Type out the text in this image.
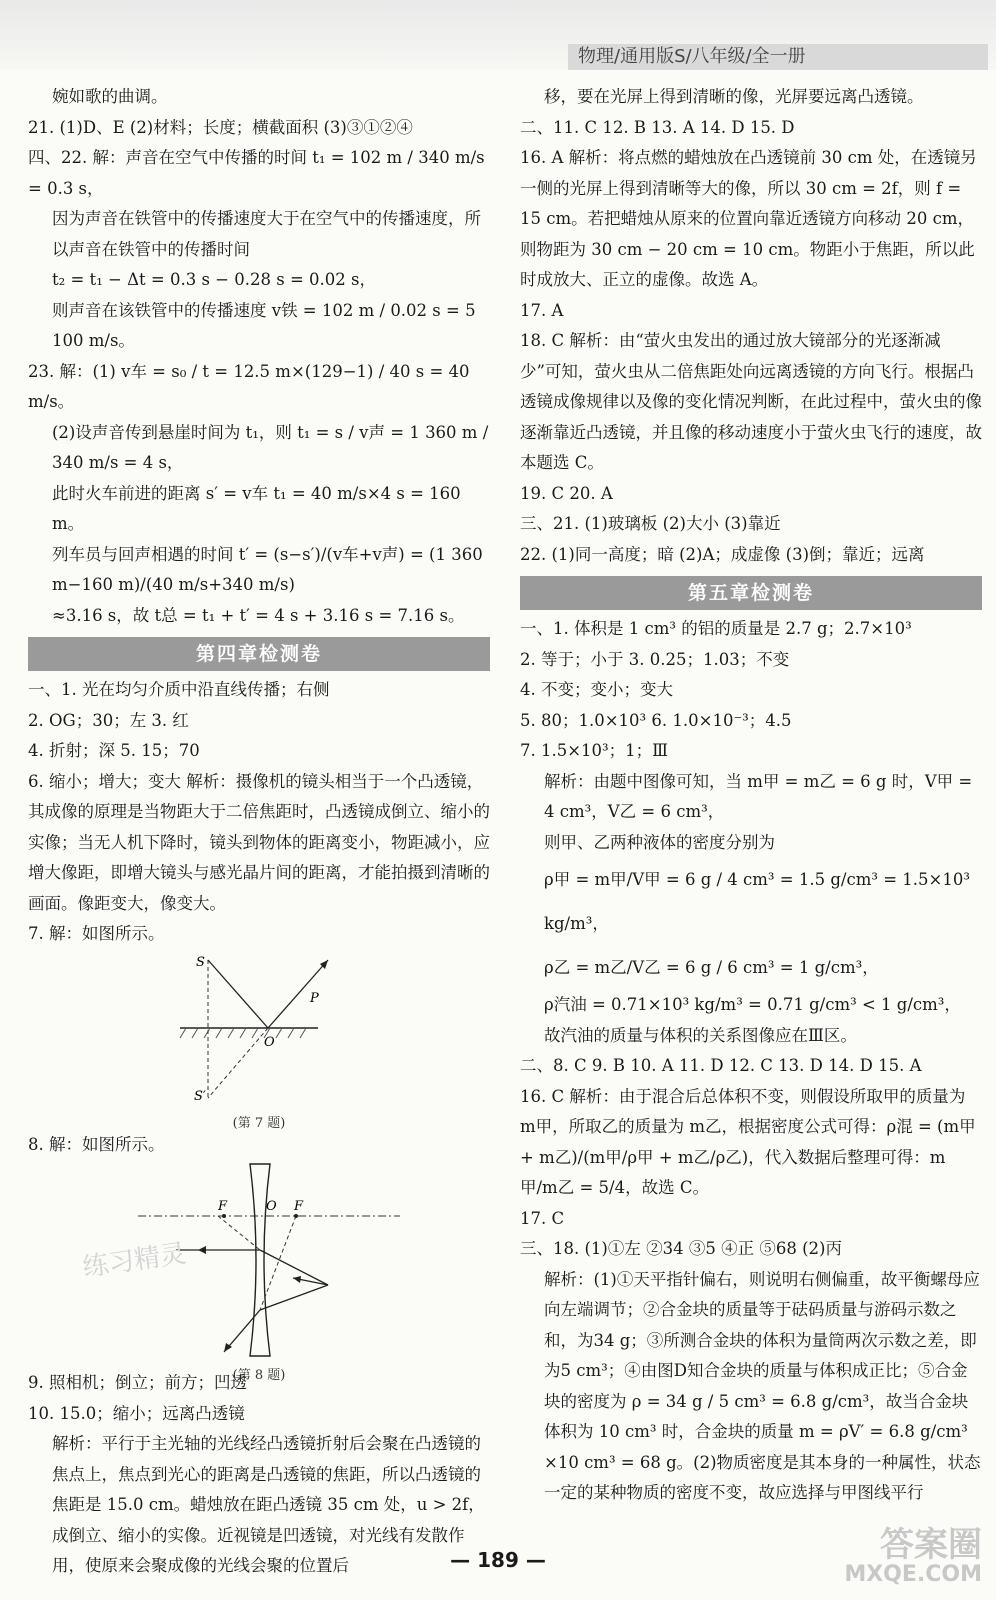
物理/通用版S/八年级/全一册

婉如歌的曲调。

21. (1)D、E (2)材料；长度；横截面积 (3)③①②④

四、22. 解：声音在空气中传播的时间 t₁ = 102 m / 340 m/s = 0.3 s，

因为声音在铁管中的传播速度大于在空气中的传播速度，所以声音在铁管中的传播时间

t₂ = t₁ − Δt = 0.3 s − 0.28 s = 0.02 s，

则声音在该铁管中的传播速度 v铁 = 102 m / 0.02 s = 5 100 m/s。

23. 解：(1) v车 = s₀ / t = 12.5 m×(129−1) / 40 s = 40 m/s。

(2)设声音传到悬崖时间为 t₁，则 t₁ = s / v声 = 1 360 m / 340 m/s = 4 s，

此时火车前进的距离 s′ = v车 t₁ = 40 m/s×4 s = 160 m。

列车员与回声相遇的时间 t′ = (s−s′)/(v车+v声) = (1 360 m−160 m)/(40 m/s+340 m/s)

≈3.16 s，故 t总 = t₁ + t′ = 4 s + 3.16 s = 7.16 s。

第四章检测卷

一、1. 光在均匀介质中沿直线传播；右侧

2. OG；30；左 3. 红

4. 折射；深 5. 15；70

6. 缩小；增大；变大 解析：摄像机的镜头相当于一个凸透镜，其成像的原理是当物距大于二倍焦距时，凸透镜成倒立、缩小的实像；当无人机下降时，镜头到物体的距离变小，物距减小，应增大像距，即增大镜头与感光晶片间的距离，才能拍摄到清晰的画面。像距变大，像变大。

7. 解：如图所示。

S
S′
P
O
(第 7 题)

8. 解：如图所示。

F	O F
(第 8 题)

9. 照相机；倒立；前方；凹透

10. 15.0；缩小；远离凸透镜

解析：平行于主光轴的光线经凸透镜折射后会聚在凸透镜的焦点上，焦点到光心的距离是凸透镜的焦距，所以凸透镜的焦距是 15.0 cm。蜡烛放在距凸透镜 35 cm 处，u > 2f，成倒立、缩小的实像。近视镜是凹透镜，对光线有发散作用，使原来会聚成像的光线会聚的位置后

移，要在光屏上得到清晰的像，光屏要远离凸透镜。

二、11. C 12. B 13. A 14. D 15. D

16. A 解析：将点燃的蜡烛放在凸透镜前 30 cm 处，在透镜另一侧的光屏上得到清晰等大的像，所以 30 cm = 2f，则 f = 15 cm。若把蜡烛从原来的位置向靠近透镜方向移动 20 cm，则物距为 30 cm − 20 cm = 10 cm。物距小于焦距，所以此时成放大、正立的虚像。故选 A。

17. A

18. C 解析：由“萤火虫发出的通过放大镜部分的光逐渐减少”可知，萤火虫从二倍焦距处向远离透镜的方向飞行。根据凸透镜成像规律以及像的变化情况判断，在此过程中，萤火虫的像逐渐靠近凸透镜，并且像的移动速度小于萤火虫飞行的速度，故本题选 C。

19. C 20. A

三、21. (1)玻璃板 (2)大小 (3)靠近

22. (1)同一高度；暗 (2)A；成虚像 (3)倒；靠近；远离

第五章检测卷

一、1. 体积是 1 cm³ 的铝的质量是 2.7 g；2.7×10³

2. 等于；小于 3. 0.25；1.03；不变

4. 不变；变小；变大

5. 80；1.0×10³ 6. 1.0×10⁻³；4.5

7. 1.5×10³；1；Ⅲ

解析：由题中图像可知，当 m甲 = m乙 = 6 g 时，V甲 = 4 cm³，V乙 = 6 cm³，

则甲、乙两种液体的密度分别为

ρ甲 = m甲/V甲 = 6 g / 4 cm³ = 1.5 g/cm³ = 1.5×10³ kg/m³，

ρ乙 = m乙/V乙 = 6 g / 6 cm³ = 1 g/cm³，

ρ汽油 = 0.71×10³ kg/m³ = 0.71 g/cm³ < 1 g/cm³，

故汽油的质量与体积的关系图像应在Ⅲ区。

二、8. C 9. B 10. A 11. D 12. C 13. D 14. D 15. A

16. C 解析：由于混合后总体积不变，则假设所取甲的质量为 m甲，所取乙的质量为 m乙，根据密度公式可得：ρ混 = (m甲 + m乙)/(m甲/ρ甲 + m乙/ρ乙)，代入数据后整理可得：m甲/m乙 = 5/4，故选 C。

17. C

三、18. (1)①左 ②34 ③5 ④正 ⑤68 (2)丙

解析：(1)①天平指针偏右，则说明右侧偏重，故平衡螺母应向左端调节；②合金块的质量等于砝码质量与游码示数之和，为34 g；③所测合金块的体积为量筒两次示数之差，即为5 cm³；④由图D知合金块的质量与体积成正比；⑤合金块的密度为 ρ = 34 g / 5 cm³ = 6.8 g/cm³，故当合金块体积为 10 cm³ 时，合金块的质量 m = ρV′ = 6.8 g/cm³ ×10 cm³ = 68 g。(2)物质密度是其本身的一种属性，状态一定的某种物质的密度不变，故应选择与甲图线平行

练习精灵
— 189 —	答案圈
MXQE.COM
